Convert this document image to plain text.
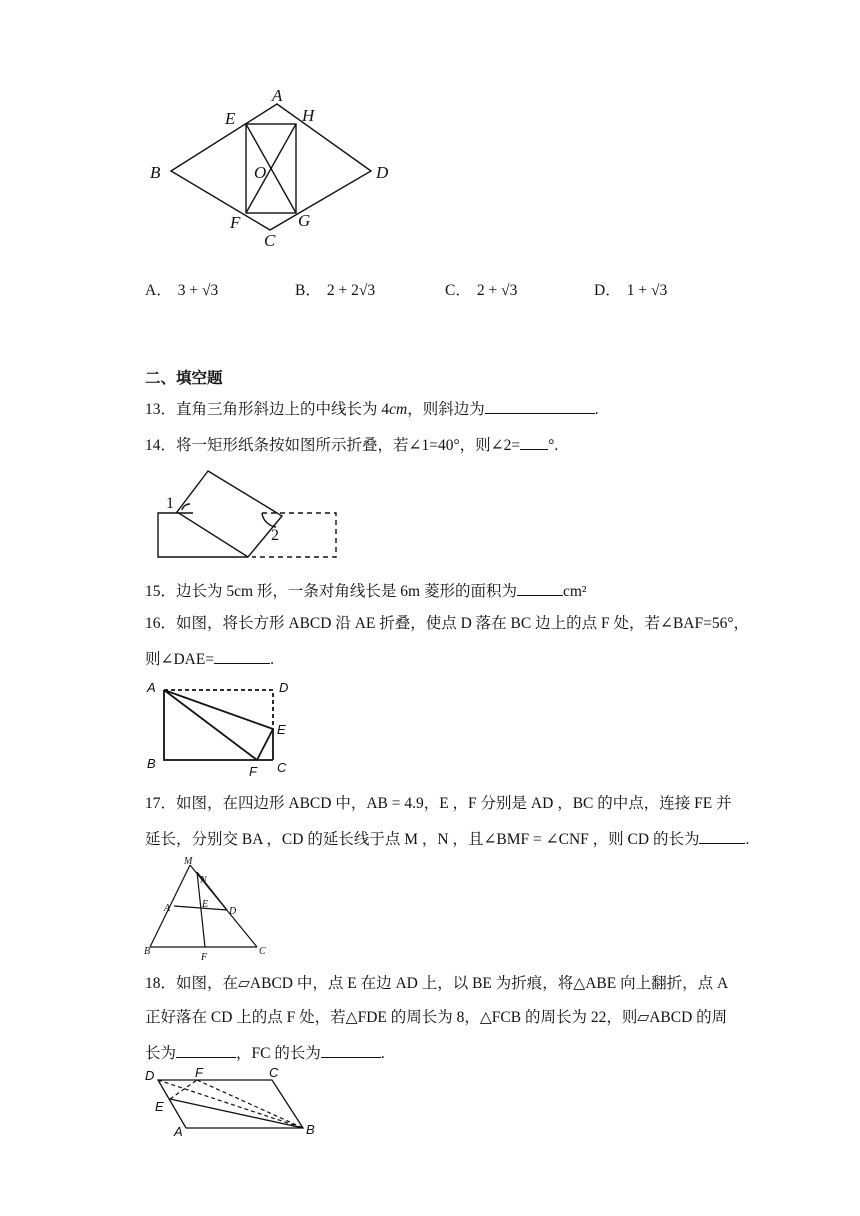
A
B
C
D
E
F	G
H
O
A． 3 + √3	B． 2 + 2√3	C． 2 + √3	D． 1 + √3
二、填空题
13．直角三角形斜边上的中线长为 4cm，则斜边为	.
14．将一矩形纸条按如图所示折叠，若∠1=40°，则∠2= °.
1
2
15．边长为 5cm 形，一条对角线长是 6m 菱形的面积为	cm²
16．如图，将长方形 ABCD 沿 AE 折叠，使点 D 落在 BC 边上的点 F 处，若∠BAF=56°，
则∠DAE=	.
A	D
E
B
F C
17．如图，在四边形 ABCD 中，AB = 4.9，E ，F 分别是 AD ，BC 的中点，连接 FE 并
延长，分别交 BA ，CD 的延长线于点 M ，N ，且∠BMF = ∠CNF ，则 CD 的长为	.
M
N
A	E
D
B
F
C
18．如图，在▱ABCD 中，点 E 在边 AD 上，以 BE 为折痕，将△ABE 向上翻折，点 A
正好落在 CD 上的点 F 处，若△FDE 的周长为 8，△FCB 的周长为 22，则▱ABCD 的周
长为	，FC 的长为	.
D	F	C
E
A	B
